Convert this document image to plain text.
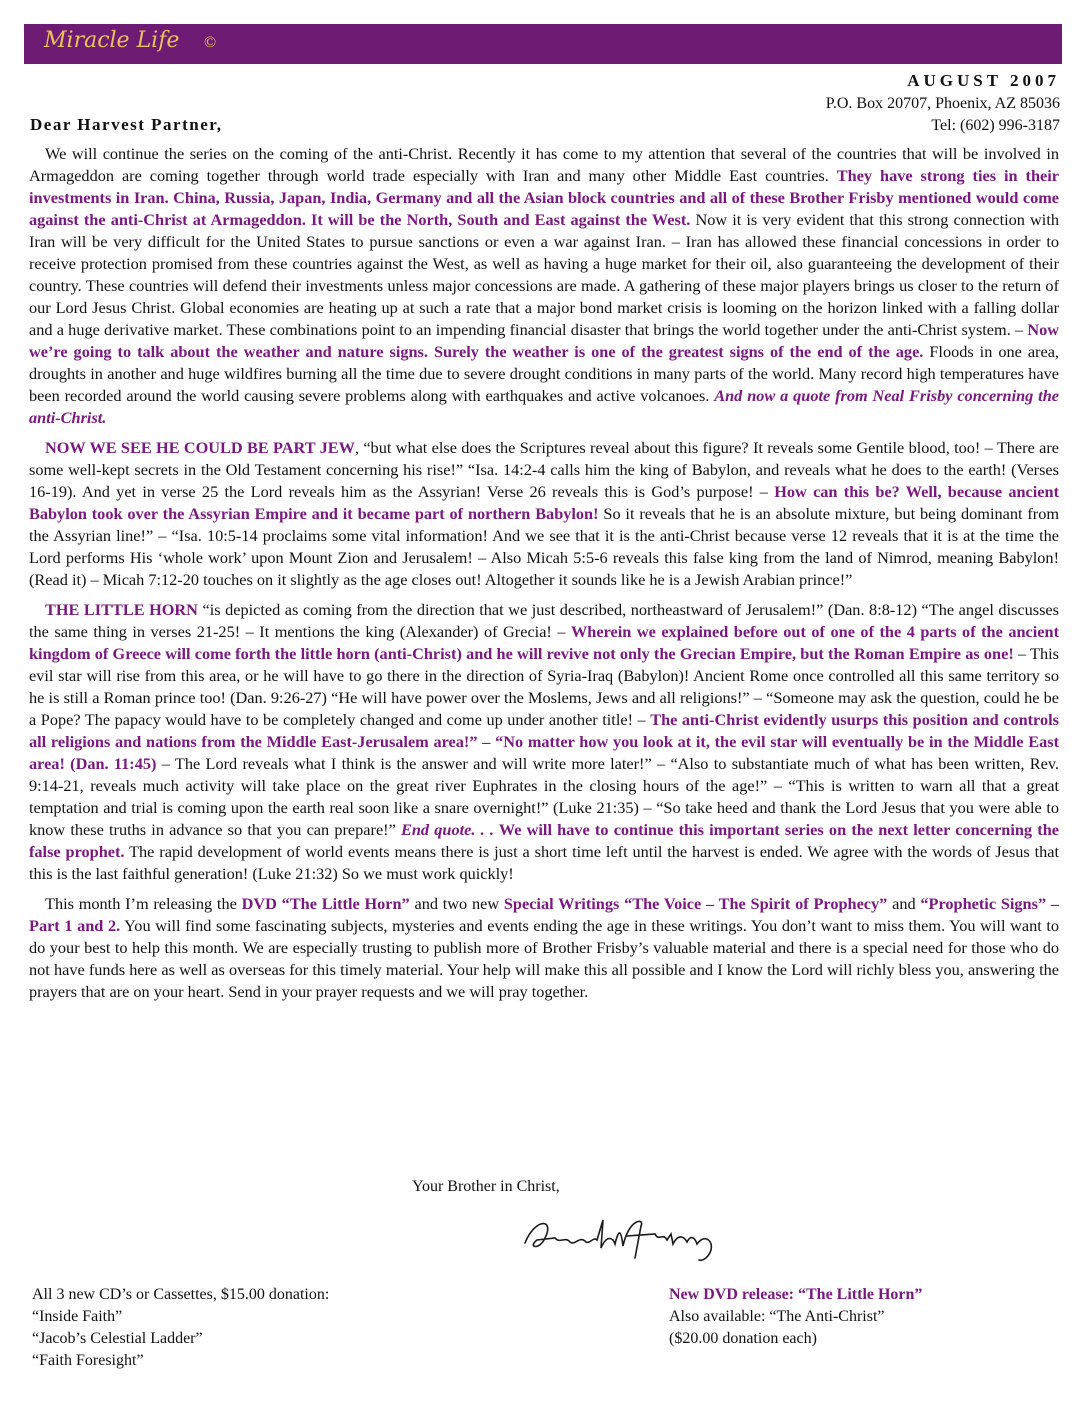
Miracle Life ©
AUGUST 2007
P.O. Box 20707, Phoenix, AZ 85036
Tel: (602) 996-3187
Dear Harvest Partner,

We will continue the series on the coming of the anti-Christ. Recently it has come to my attention that several of the countries that will be involved in Armageddon are coming together through world trade especially with Iran and many other Middle East countries. They have strong ties in their investments in Iran. China, Russia, Japan, India, Germany and all the Asian block countries and all of these Brother Frisby mentioned would come against the anti-Christ at Armageddon. It will be the North, South and East against the West. Now it is very evident that this strong connection with Iran will be very difficult for the United States to pursue sanctions or even a war against Iran. – Iran has allowed these financial concessions in order to receive protection promised from these countries against the West, as well as having a huge market for their oil, also guaranteeing the development of their country. These countries will defend their investments unless major concessions are made. A gathering of these major players brings us closer to the return of our Lord Jesus Christ. Global economies are heating up at such a rate that a major bond market crisis is looming on the horizon linked with a falling dollar and a huge derivative market. These combinations point to an impending financial disaster that brings the world together under the anti-Christ system. – Now we’re going to talk about the weather and nature signs. Surely the weather is one of the greatest signs of the end of the age. Floods in one area, droughts in another and huge wildfires burning all the time due to severe drought conditions in many parts of the world. Many record high temperatures have been recorded around the world causing severe problems along with earthquakes and active volcanoes. And now a quote from Neal Frisby concerning the anti-Christ.

NOW WE SEE HE COULD BE PART JEW, “but what else does the Scriptures reveal about this figure? It reveals some Gentile blood, too! – There are some well-kept secrets in the Old Testament concerning his rise!” “Isa. 14:2-4 calls him the king of Babylon, and reveals what he does to the earth! (Verses 16-19). And yet in verse 25 the Lord reveals him as the Assyrian! Verse 26 reveals this is God’s purpose! – How can this be? Well, because ancient Babylon took over the Assyrian Empire and it became part of northern Babylon! So it reveals that he is an absolute mixture, but being dominant from the Assyrian line!” – “Isa. 10:5-14 proclaims some vital information! And we see that it is the anti-Christ because verse 12 reveals that it is at the time the Lord performs His ‘whole work’ upon Mount Zion and Jerusalem! – Also Micah 5:5-6 reveals this false king from the land of Nimrod, meaning Babylon! (Read it) – Micah 7:12-20 touches on it slightly as the age closes out! Altogether it sounds like he is a Jewish Arabian prince!”

THE LITTLE HORN “is depicted as coming from the direction that we just described, northeastward of Jerusalem!” (Dan. 8:8-12) “The angel discusses the same thing in verses 21-25! – It mentions the king (Alexander) of Grecia! – Wherein we explained before out of one of the 4 parts of the ancient kingdom of Greece will come forth the little horn (anti-Christ) and he will revive not only the Grecian Empire, but the Roman Empire as one! – This evil star will rise from this area, or he will have to go there in the direction of Syria-Iraq (Babylon)! Ancient Rome once controlled all this same territory so he is still a Roman prince too! (Dan. 9:26-27) “He will have power over the Moslems, Jews and all religions!” – “Someone may ask the question, could he be a Pope? The papacy would have to be completely changed and come up under another title! – The anti-Christ evidently usurps this position and controls all religions and nations from the Middle East-Jerusalem area!” – “No matter how you look at it, the evil star will eventually be in the Middle East area! (Dan. 11:45) – The Lord reveals what I think is the answer and will write more later!” – “Also to substantiate much of what has been written, Rev. 9:14-21, reveals much activity will take place on the great river Euphrates in the closing hours of the age!” – “This is written to warn all that a great temptation and trial is coming upon the earth real soon like a snare overnight!” (Luke 21:35) – “So take heed and thank the Lord Jesus that you were able to know these truths in advance so that you can prepare!” End quote. . . We will have to continue this important series on the next letter concerning the false prophet. The rapid development of world events means there is just a short time left until the harvest is ended. We agree with the words of Jesus that this is the last faithful generation! (Luke 21:32) So we must work quickly!

This month I’m releasing the DVD “The Little Horn” and two new Special Writings “The Voice – The Spirit of Prophecy” and “Prophetic Signs” – Part 1 and 2. You will find some fascinating subjects, mysteries and events ending the age in these writings. You don’t want to miss them. You will want to do your best to help this month. We are especially trusting to publish more of Brother Frisby’s valuable material and there is a special need for those who do not have funds here as well as overseas for this timely material. Your help will make this all possible and I know the Lord will richly bless you, answering the prayers that are on your heart. Send in your prayer requests and we will pray together.

Your Brother in Christ,
All 3 new CD’s or Cassettes, $15.00 donation:
“Inside Faith”
“Jacob’s Celestial Ladder”
“Faith Foresight”
New DVD release: “The Little Horn”
Also available: “The Anti-Christ”
($20.00 donation each)
